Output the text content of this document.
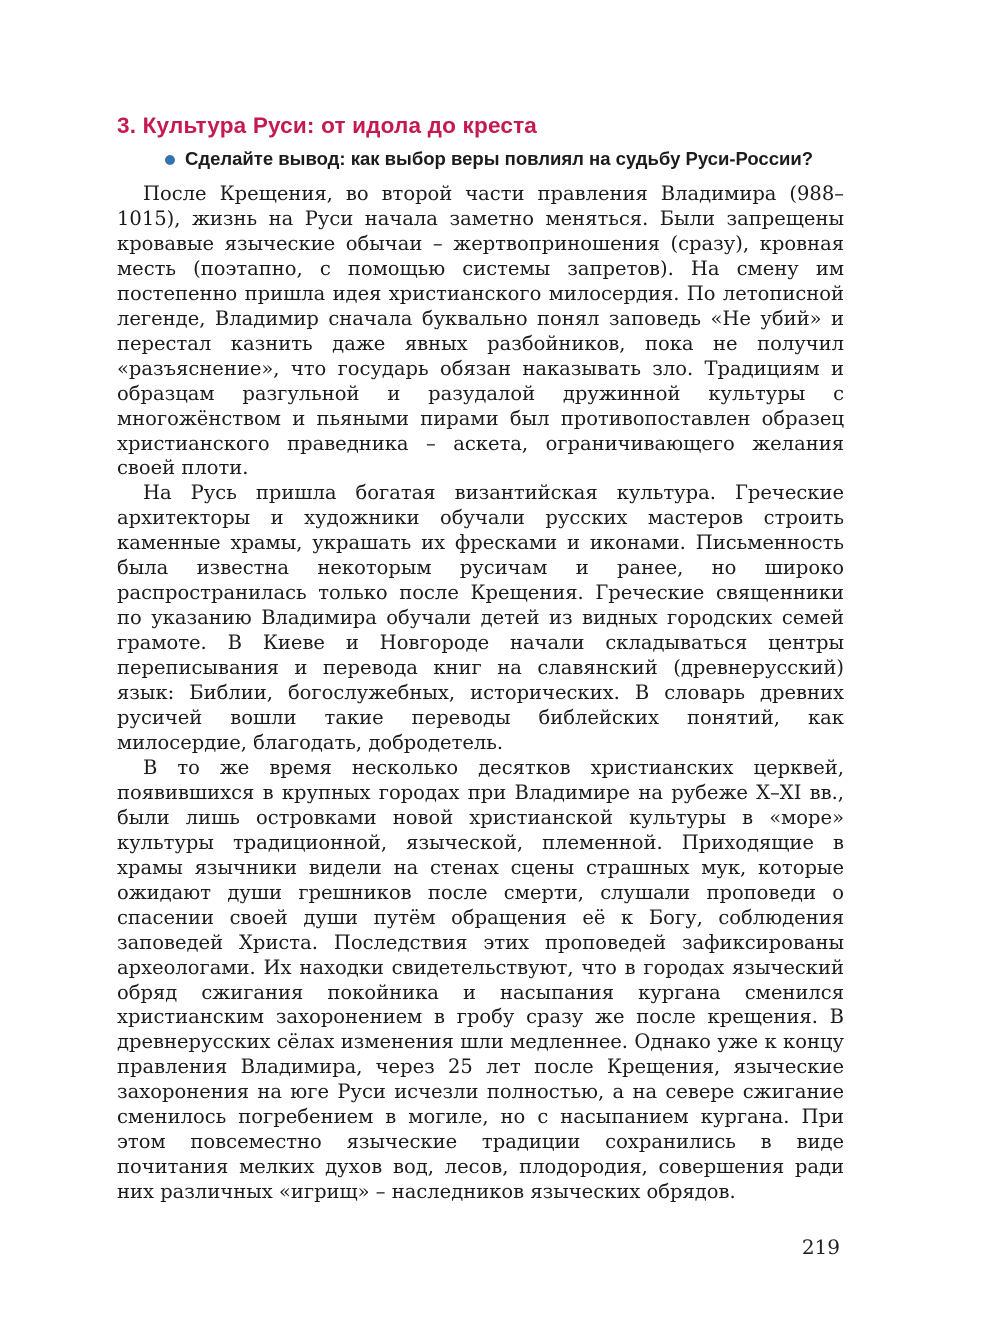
3. Культура Руси: от идола до креста
Сделайте вывод: как выбор веры повлиял на судьбу Руси-России?

После Крещения, во второй части правления Владимира (988–1015), жизнь на Руси начала заметно меняться. Были запрещены кровавые языческие обычаи – жертвоприношения (сразу), кровная месть (поэтапно, с помощью системы запретов). На смену им постепенно пришла идея христианского милосердия. По летописной легенде, Владимир сначала буквально понял заповедь «Не убий» и перестал казнить даже явных разбойников, пока не получил «разъяснение», что государь обязан наказывать зло. Традициям и образцам разгульной и разудалой дружинной культуры с многожёнством и пьяными пирами был противопоставлен образец христианского праведника – аскета, ограничивающего желания своей плоти.

На Русь пришла богатая византийская культура. Греческие архитекторы и художники обучали русских мастеров строить каменные храмы, украшать их фресками и иконами. Письменность была известна некоторым русичам и ранее, но широко распространилась только после Крещения. Греческие священники по указанию Владимира обучали детей из видных городских семей грамоте. В Киеве и Новгороде начали складываться центры переписывания и перевода книг на славянский (древнерусский) язык: Библии, богослужебных, исторических. В словарь древних русичей вошли такие переводы библейских понятий, как милосердие, благодать, добродетель.

В то же время несколько десятков христианских церквей, появившихся в крупных городах при Владимире на рубеже X–XI вв., были лишь островками новой христианской культуры в «море» культуры традиционной, языческой, племенной. Приходящие в храмы язычники видели на стенах сцены страшных мук, которые ожидают души грешников после смерти, слушали проповеди о спасении своей души путём обращения её к Богу, соблюдения заповедей Христа. Последствия этих проповедей зафиксированы археологами. Их находки свидетельствуют, что в городах языческий обряд сжигания покойника и насыпания кургана сменился христианским захоронением в гробу сразу же после крещения. В древнерусских сёлах изменения шли медленнее. Однако уже к концу правления Владимира, через 25 лет после Крещения, языческие захоронения на юге Руси исчезли полностью, а на севере сжигание сменилось погребением в могиле, но с насыпанием кургана. При этом повсеместно языческие традиции сохранились в виде почитания мелких духов вод, лесов, плодородия, совершения ради них различных «игрищ» – наследников языческих обрядов.

219
